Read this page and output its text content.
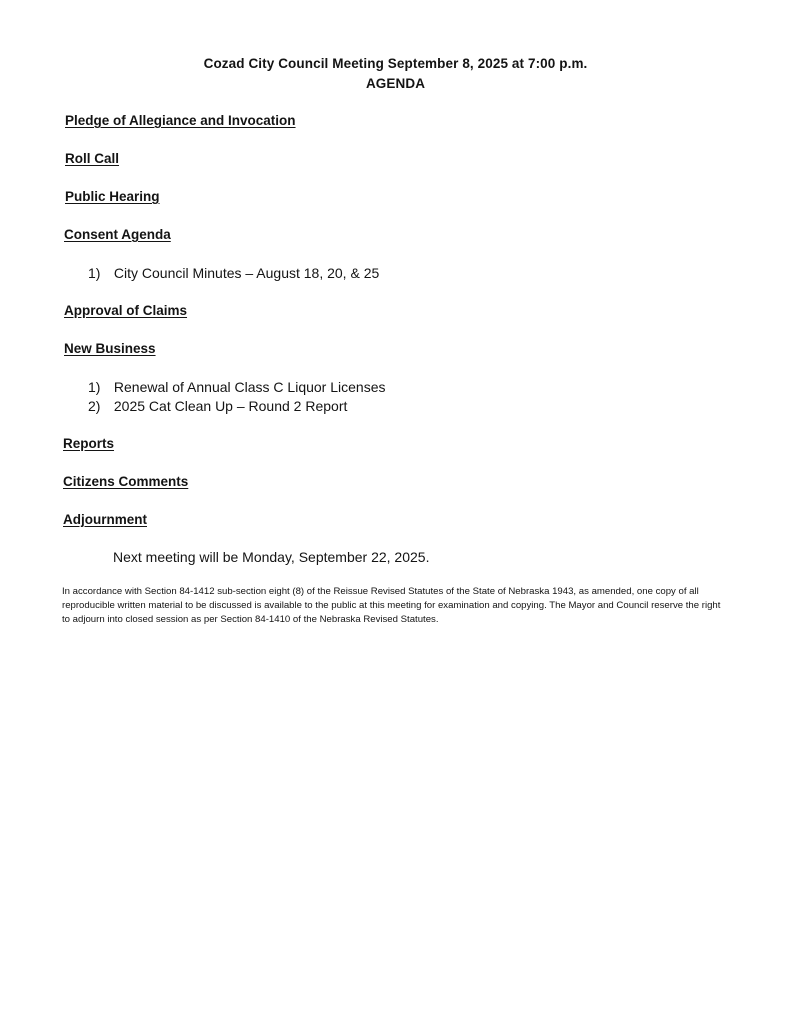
Cozad City Council Meeting September 8, 2025 at 7:00 p.m.
AGENDA
Pledge of Allegiance and Invocation
Roll Call
Public Hearing
Consent Agenda
1) City Council Minutes – August 18, 20, & 25
Approval of Claims
New Business
1) Renewal of Annual Class C Liquor Licenses
2) 2025 Cat Clean Up – Round 2 Report
Reports
Citizens Comments
Adjournment
Next meeting will be Monday, September 22, 2025.
In accordance with Section 84-1412 sub-section eight (8) of the Reissue Revised Statutes of the State of Nebraska 1943, as amended, one copy of all reproducible written material to be discussed is available to the public at this meeting for examination and copying. The Mayor and Council reserve the right to adjourn into closed session as per Section 84-1410 of the Nebraska Revised Statutes.
